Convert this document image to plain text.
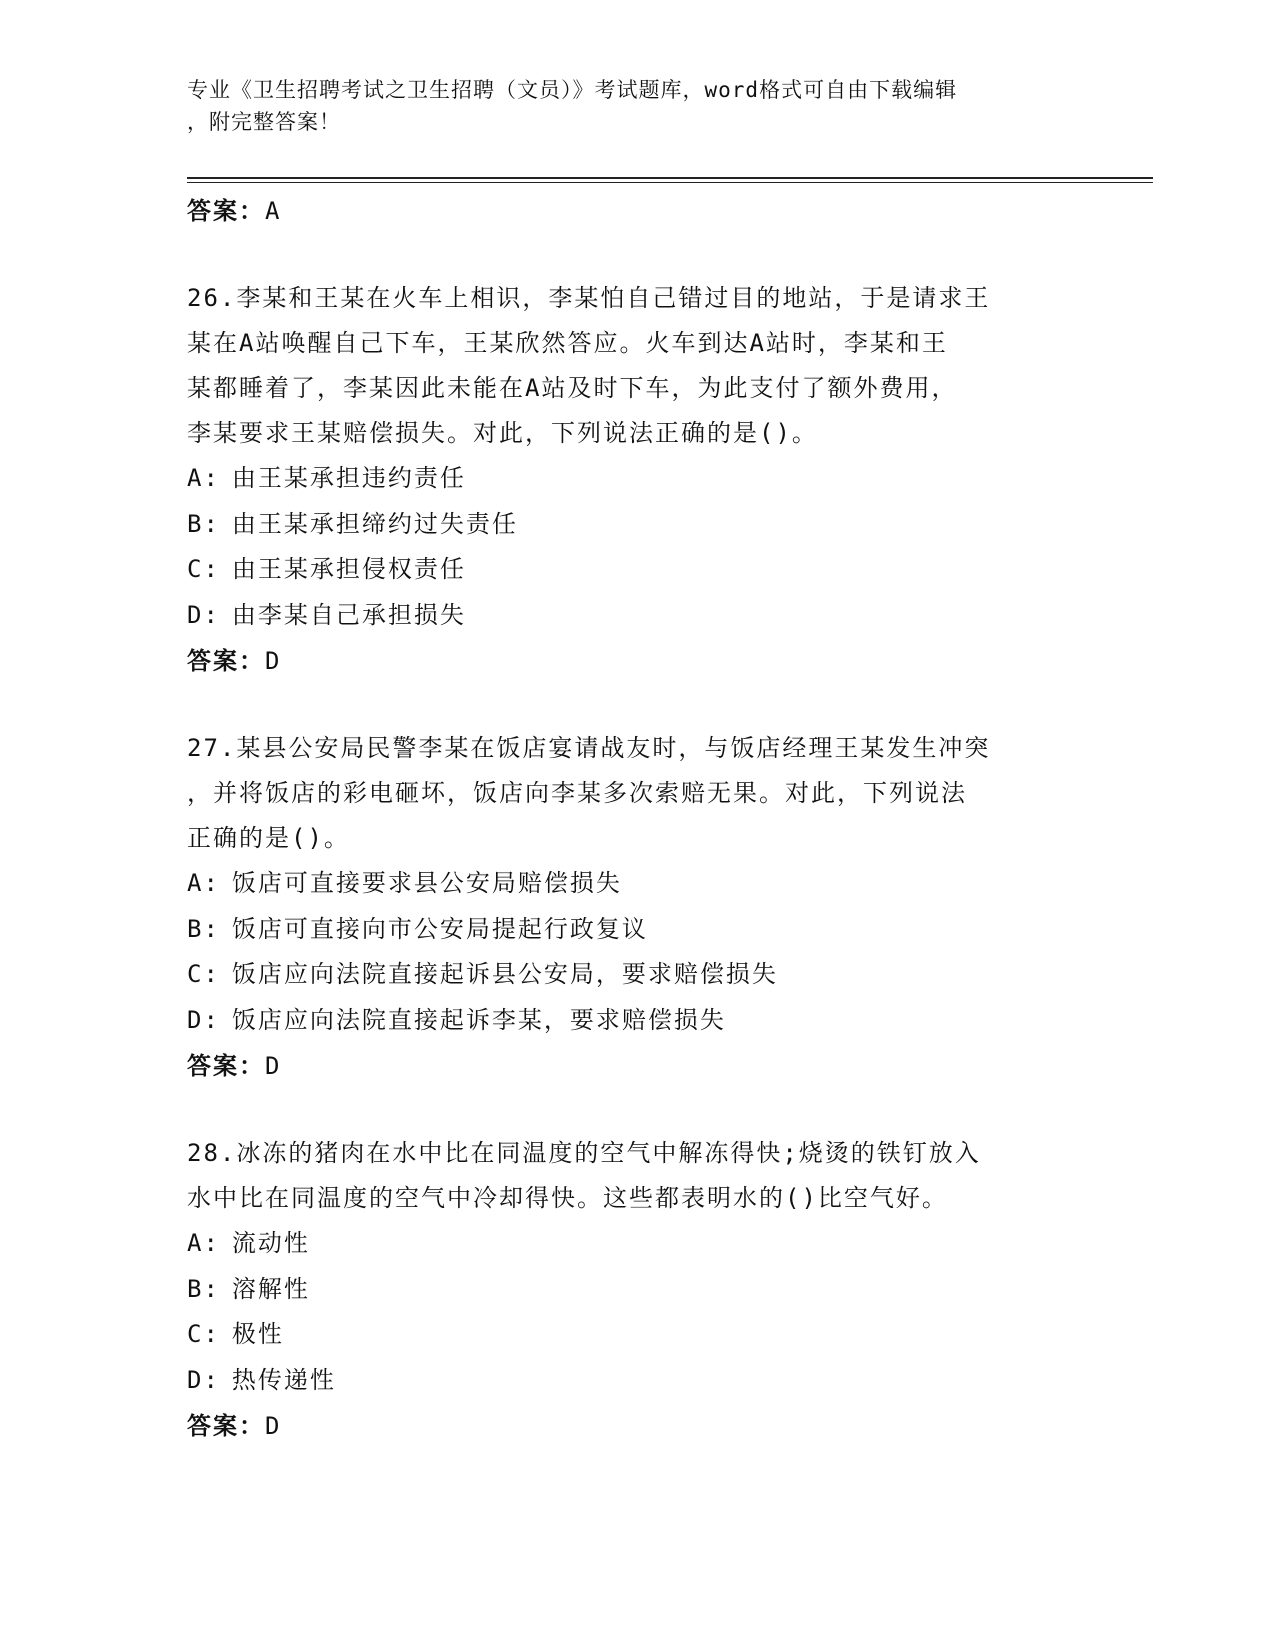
专业《卫生招聘考试之卫生招聘（文员）》考试题库，word格式可自由下载编辑
，附完整答案！
答案：A
26.李某和王某在火车上相识，李某怕自己错过目的地站，于是请求王
某在A站唤醒自己下车，王某欣然答应。火车到达A站时，李某和王
某都睡着了，李某因此未能在A站及时下车，为此支付了额外费用，
李某要求王某赔偿损失。对此，下列说法正确的是()。
A: 由王某承担违约责任
B: 由王某承担缔约过失责任
C: 由王某承担侵权责任
D: 由李某自己承担损失
答案：D
27.某县公安局民警李某在饭店宴请战友时，与饭店经理王某发生冲突
，并将饭店的彩电砸坏，饭店向李某多次索赔无果。对此，下列说法
正确的是()。
A: 饭店可直接要求县公安局赔偿损失
B: 饭店可直接向市公安局提起行政复议
C: 饭店应向法院直接起诉县公安局，要求赔偿损失
D: 饭店应向法院直接起诉李某，要求赔偿损失
答案：D
28.冰冻的猪肉在水中比在同温度的空气中解冻得快;烧烫的铁钉放入
水中比在同温度的空气中冷却得快。这些都表明水的()比空气好。
A: 流动性
B: 溶解性
C: 极性
D: 热传递性
答案：D
